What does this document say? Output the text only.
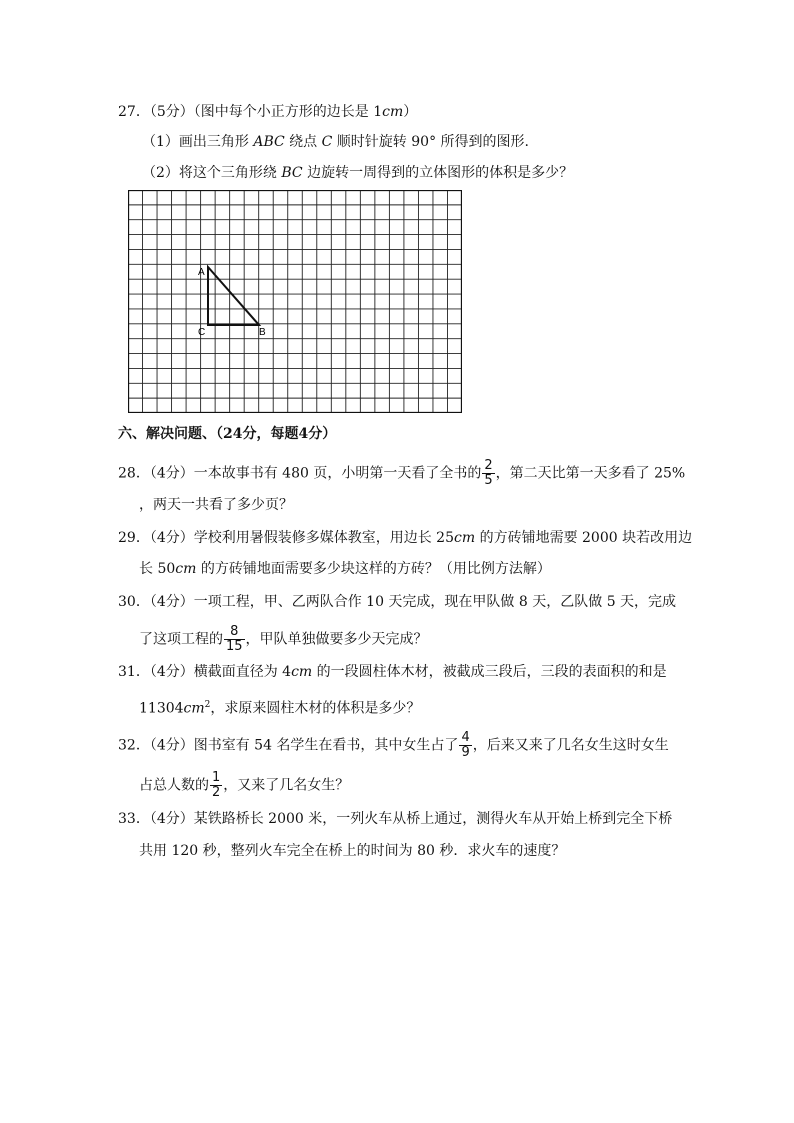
27．（5分）（图中每个小正方形的边长是 1cm）
（1）画出三角形 ABC 绕点 C 顺时针旋转 90° 所得到的图形.
（2）将这个三角形绕 BC 边旋转一周得到的立体图形的体积是多少？
A
C	B
六、解决问题、（24分，每题4分）
28．（4分）一本故事书有 480 页，小明第一天看了全书的 $\frac{2}{5}$ ，第二天比第一天多看了 25%
，两天一共看了多少页？
29．（4分）学校利用暑假装修多媒体教室，用边长 25cm 的方砖铺地需要 2000 块若改用边
长 50cm 的方砖铺地面需要多少块这样的方砖？（用比例方法解）
30．（4分）一项工程，甲、乙两队合作 10 天完成，现在甲队做 8 天，乙队做 5 天，完成
了这项工程的 $\frac{8}{15}$ ，甲队单独做要多少天完成？
31．（4分）横截面直径为 4cm 的一段圆柱体木材，被截成三段后，三段的表面积的和是
$11304cm^2$，求原来圆柱木材的体积是多少？
32．（4分）图书室有 54 名学生在看书，其中女生占了 $\frac{4}{9}$ ，后来又来了几名女生这时女生
占总人数的 $\frac{1}{2}$ ，又来了几名女生？
33．（4分）某铁路桥长 2000 米，一列火车从桥上通过，测得火车从开始上桥到完全下桥
共用 120 秒，整列火车完全在桥上的时间为 80 秒．求火车的速度？
